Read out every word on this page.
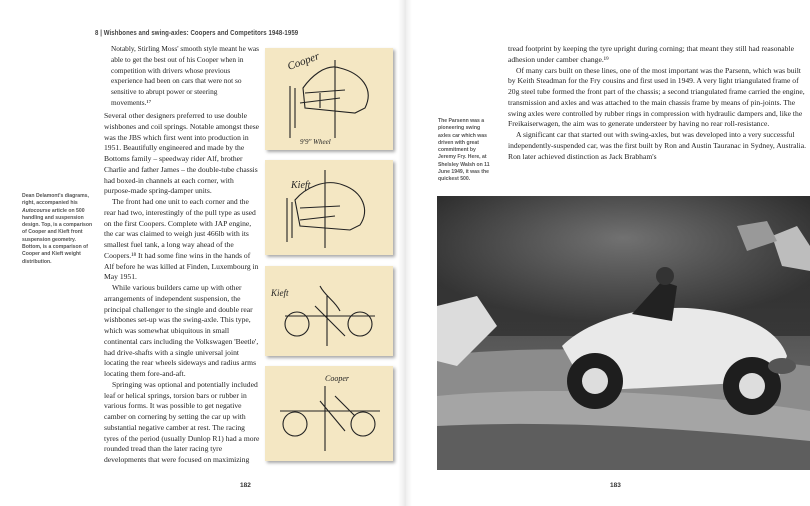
8 | Wishbones and swing-axles: Coopers and Competitors 1948-1959
Notably, Stirling Moss' smooth style meant he was able to get the best out of his Cooper when in competition with drivers whose previous experience had been on cars that were not so sensitive to abrupt power or steering movements.¹⁷

Several other designers preferred to use double wishbones and coil springs. Notable amongst these was the JBS which first went into production in 1951. Beautifully engineered and made by the Bottoms family – speedway rider Alf, brother Charlie and father James – the double-tube chassis had boxed-in channels at each corner, with purpose-made spring-damper units.

The front had one unit to each corner and the rear had two, interestingly of the pull type as used on the first Coopers. Complete with JAP engine, the car was claimed to weigh just 466lb with its smallest fuel tank, a long way ahead of the Coopers.¹⁸ It had some fine wins in the hands of Alf before he was killed at Finden, Luxembourg in May 1951.

While various builders came up with other arrangements of independent suspension, the principal challenger to the single and double rear wishbones set-up was the swing-axle. This type, which was somewhat ubiquitous in small continental cars including the Volkswagen 'Beetle', had drive-shafts with a single universal joint locating the rear wheels sideways and radius arms locating them fore-and-aft.

Springing was optional and potentially included leaf or helical springs, torsion bars or rubber in various forms. It was possible to get negative camber on cornering by setting the car up with substantial negative camber at rest. The racing tyres of the period (usually Dunlop R1) had a more rounded tread than the later racing tyre developments that were focused on maximizing

Dean Delamont's diagrams, right, accompanied his Autocourse article on 500 handling and suspension design. Top, is a comparison of Cooper and Kieft front suspension geometry. Bottom, is a comparison of Cooper and Kieft weight distribution.
Cooper
9'9" Wheel
Kieft
Kieft
Cooper
182	183

tread footprint by keeping the tyre upright during corning; that meant they still had reasonable adhesion under camber change.¹⁹

Of many cars built on these lines, one of the most important was the Parsenn, which was built by Keith Steadman for the Fry cousins and first used in 1949. A very light triangulated frame of 20g steel tube formed the front part of the chassis; a second triangulated frame carried the engine, transmission and axles and was attached to the main chassis frame by means of pin-joints. The swing axles were controlled by rubber rings in compression with hydraulic dampers and, like the Freikaiserwagen, the aim was to generate understeer by having no rear roll-resistance.

A significant car that started out with swing-axles, but was developed into a very successful independently-suspended car, was the first built by Ron and Austin Tauranac in Sydney, Australia. Ron later achieved distinction as Jack Brabham's

The Parsenn was a pioneering swing axles car which was driven with great commitment by Jeremy Fry. Here, at Shelsley Walsh on 11 June 1949, it was the quickest 500.
